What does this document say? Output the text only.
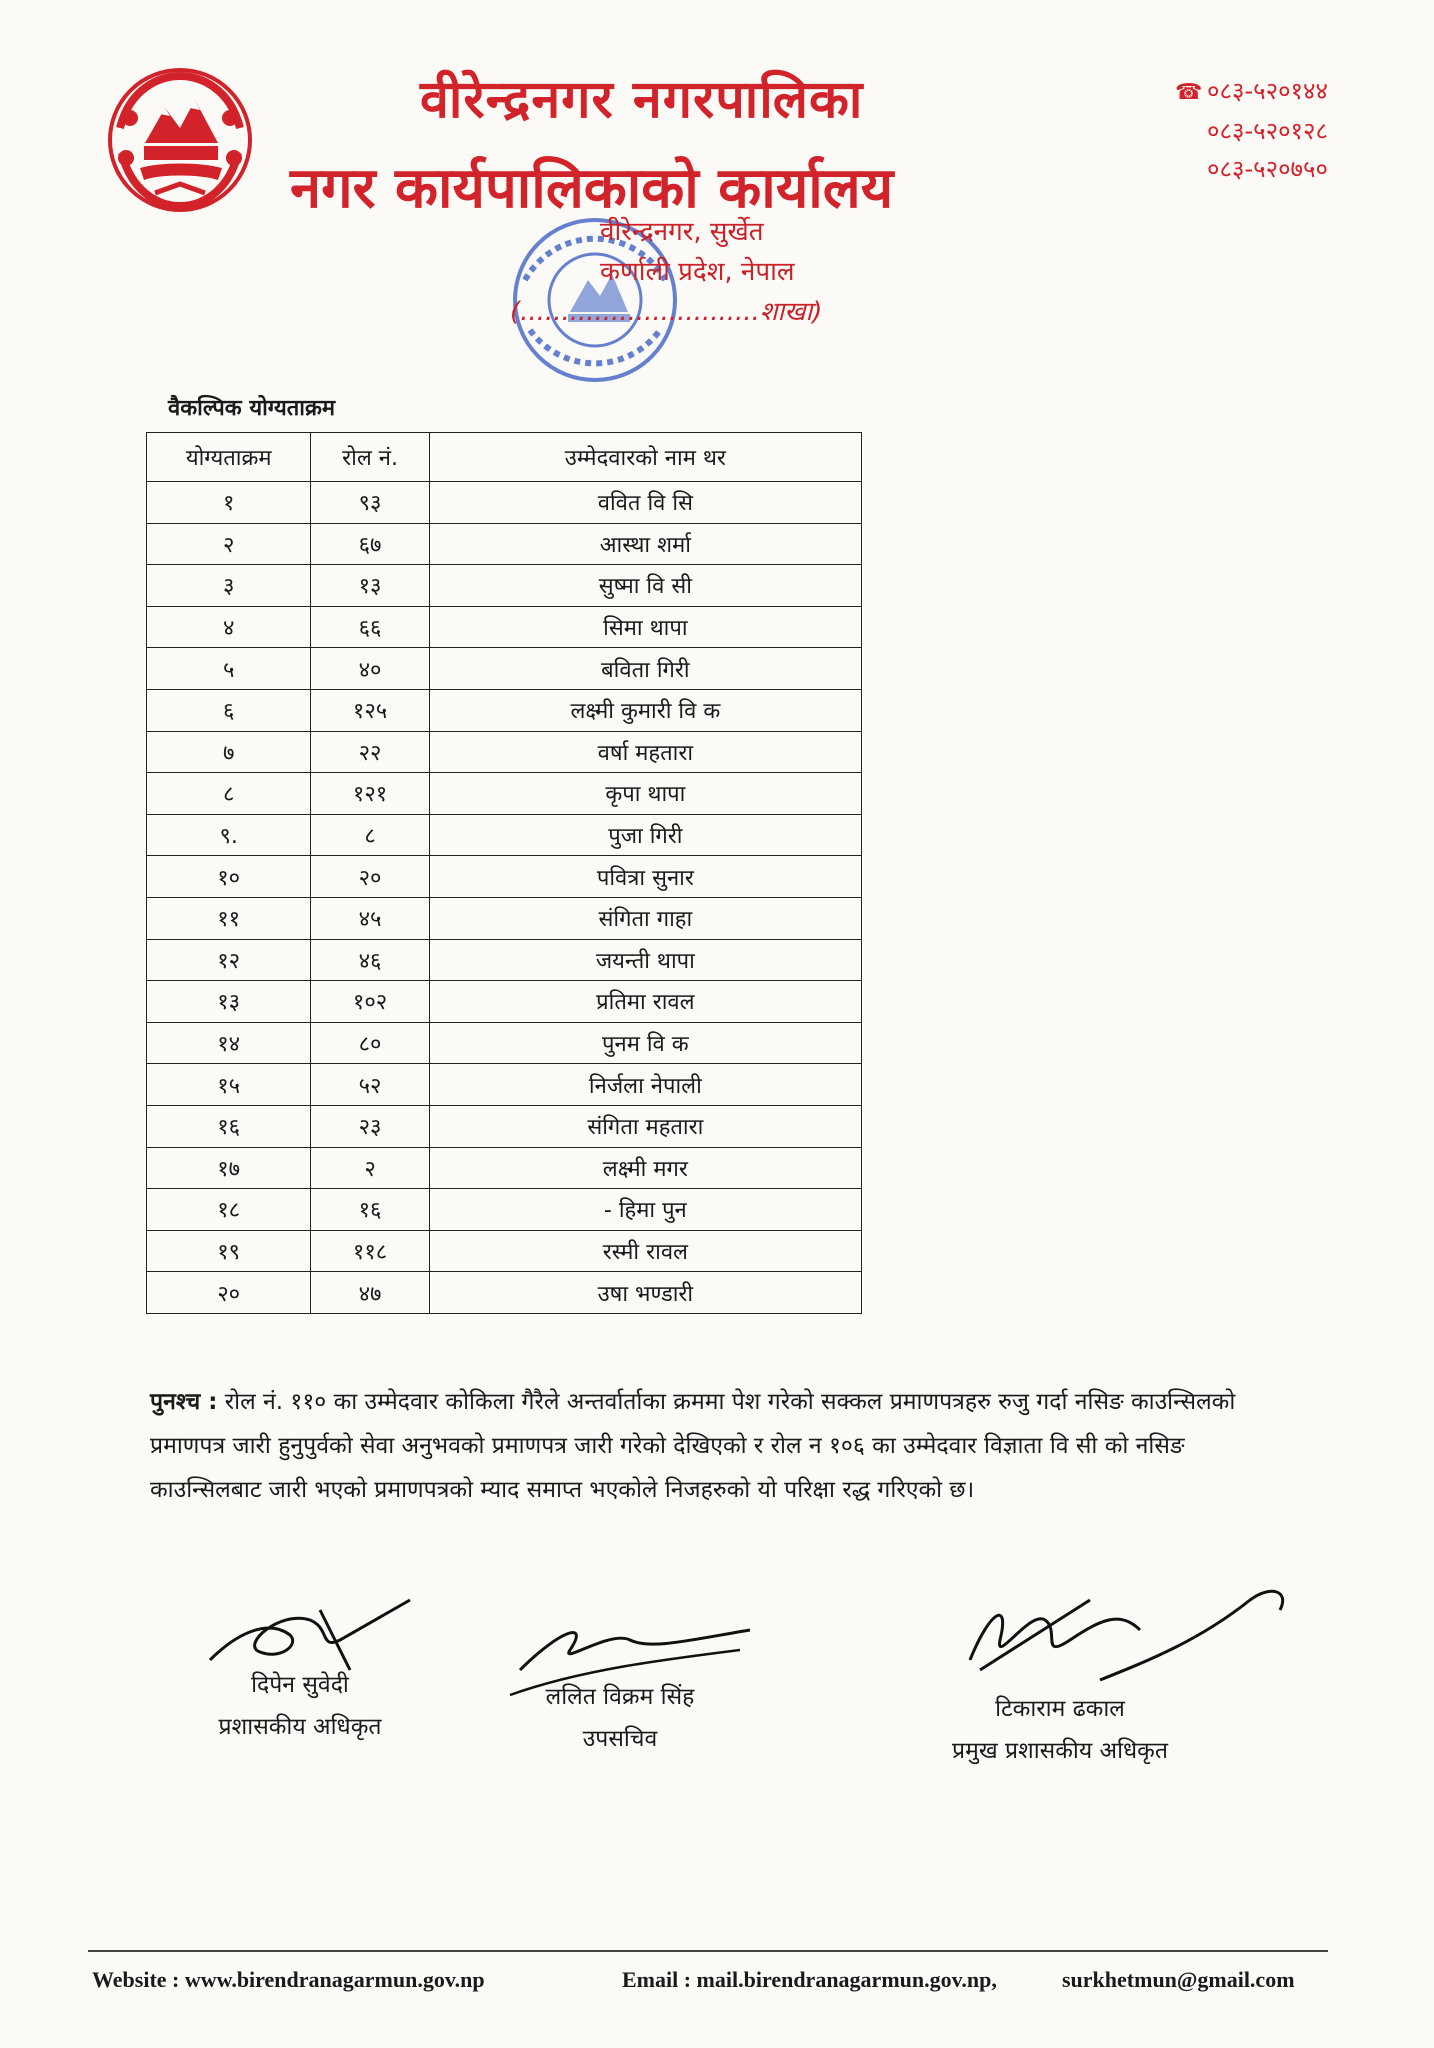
वीरेन्द्रनगर नगरपालिका
नगर कार्यपालिकाको कार्यालय
☎ ०८३-५२०१४४
०८३-५२०१२८
०८३-५२०७५०
वीरेन्द्रनगर, सुर्खेत
कर्णाली प्रदेश, नेपाल
(.............................शाखा)
वैकल्पिक योग्यताक्रम
योग्यताक्रम	रोल नं.	उम्मेदवारको नाम थर
१	९३	ववित वि सि
२	६७	आस्था शर्मा
३	१३	सुष्मा वि सी
४	६६	सिमा थापा
५	४०	बविता गिरी
६	१२५	लक्ष्मी कुमारी वि क
७	२२	वर्षा महतारा
८	१२१	कृपा थापा
९.	८	पुजा गिरी
१०	२०	पवित्रा सुनार
११	४५	संगिता गाहा
१२	४६	जयन्ती थापा
१३	१०२	प्रतिमा रावल
१४	८०	पुनम वि क
१५	५२	निर्जला नेपाली
१६	२३	संगिता महतारा
१७	२	लक्ष्मी मगर
१८	१६	- हिमा पुन
१९	११८	रस्मी रावल
२०	४७	उषा भण्डारी
पुनश्च : रोल नं. ११० का उम्मेदवार कोकिला गैरैले अन्तर्वार्ताका क्रममा पेश गरेको सक्कल प्रमाणपत्रहरु रुजु गर्दा नसिङ काउन्सिलको प्रमाणपत्र जारी हुनुपुर्वको सेवा अनुभवको प्रमाणपत्र जारी गरेको देखिएको र रोल न १०६ का उम्मेदवार विज्ञाता वि सी को नसिङ काउन्सिलबाट जारी भएको प्रमाणपत्रको म्याद समाप्त भएकोले निजहरुको यो परिक्षा रद्ध गरिएको छ।
दिपेन सुवेदी
प्रशासकीय अधिकृत
ललित विक्रम सिंह
उपसचिव
टिकाराम ढकाल
प्रमुख प्रशासकीय अधिकृत
Website : www.birendranagarmun.gov.np	Email : mail.birendranagarmun.gov.np,	surkhetmun@gmail.com
